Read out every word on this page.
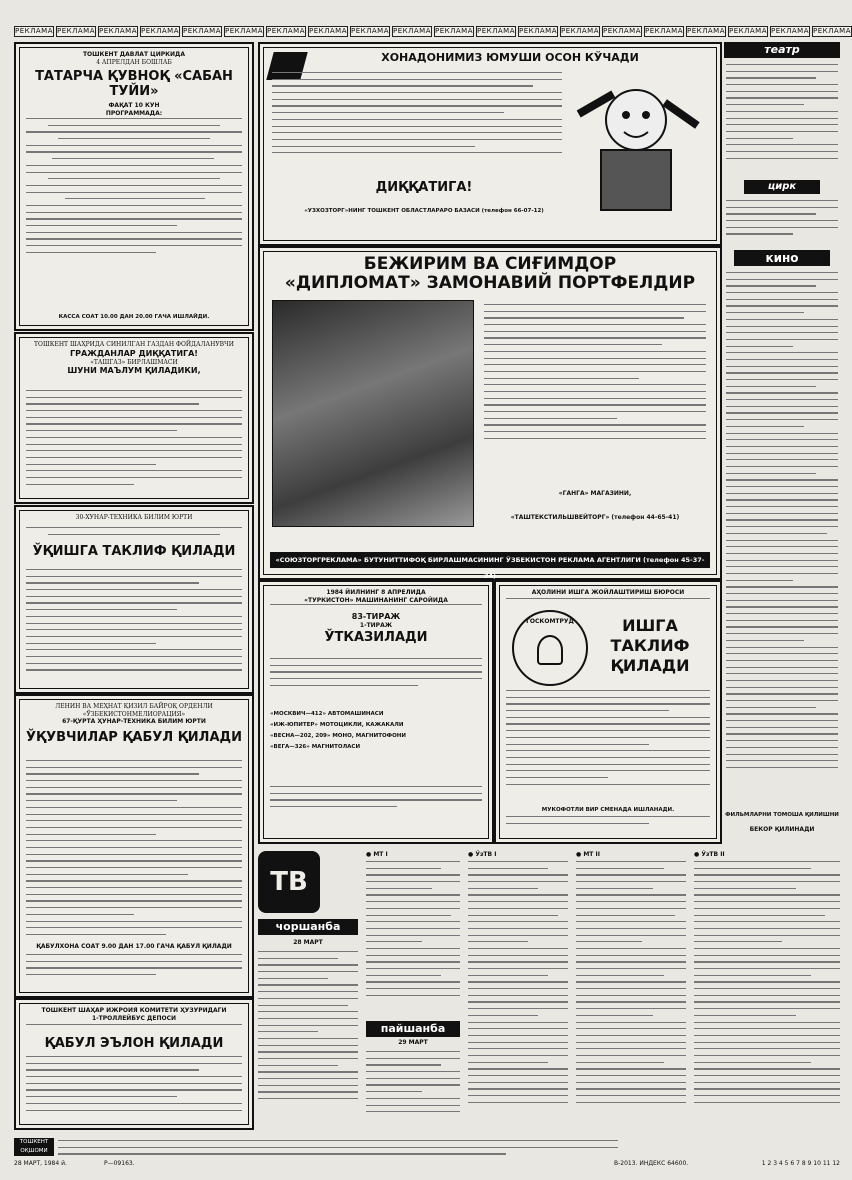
РЕКЛАМА РЕКЛАМА РЕКЛАМА РЕКЛАМА РЕКЛАМА РЕКЛАМА РЕКЛАМА РЕКЛАМА РЕКЛАМА РЕКЛАМА РЕКЛАМА РЕКЛАМА РЕКЛАМА РЕКЛАМА РЕКЛАМА РЕКЛАМА РЕКЛАМА РЕКЛАМА РЕКЛАМА РЕКЛАМА
ТОШКЕНТ ДАВЛАТ ЦИРКИДА
4 АПРЕЛДАН БОШЛАБ
ТАТАРЧА ҚУВНОҚ «САБАН ТУЙИ»
ФАҚАТ 10 КУН
ПРОГРАММАДА:
КАССА СОАТ 10.00 ДАН 20.00 ГАЧА ИШЛАЙДИ.
ТОШКЕНТ ШАҲРИДА СИНИЛГАН ГАЗДАН ФОЙДАЛАНУВЧИ
ГРАЖДАНЛАР ДИҚҚАТИГА!
«ТАШГАЗ» БИРЛАШМАСИ
ШУНИ МАЪЛУМ ҚИЛАДИКИ,
30-ХУНАР-ТЕХНИКА БИЛИМ ЮРТИ
ЎҚИШГА ТАКЛИФ ҚИЛАДИ
ЛЕНИН ВА МЕҲНАТ ҚИЗИЛ БАЙРОҚ ОРДЕНЛИ «ЎЗБЕКИСТОНМЕЛИОРАЦИЯ»
67-ҚУРТА ҲУНАР-ТЕХНИКА БИЛИМ ЮРТИ
ЎҚУВЧИЛАР ҚАБУЛ ҚИЛАДИ
ҚАБУЛХОНА СОАТ 9.00 ДАН 17.00 ГАЧА ҚАБУЛ ҚИЛАДИ
ТОШКЕНТ ШАҲАР ИЖРОИЯ КОМИТЕТИ ҲУЗУРИДАГИ
1-ТРОЛЛЕЙБУС ДЕПОСИ
ҚАБУЛ ЭЪЛОН ҚИЛАДИ
ХОНАДОНИМИЗ ЮМУШИ ОСОН КЎЧАДИ
ДИҚҚАТИГА!
«УЗХОЗТОРГ»НИНГ ТОШКЕНТ ОБЛАСТЛАРАРО БАЗАСИ (телефон 66-07-12)
БЕЖИРИМ ВА СИҒИМДОР
«ДИПЛОМАТ» ЗАМОНАВИЙ ПОРТФЕЛДИР
«ГАНГА» МАГАЗИНИ,
«ТАШТЕКСТИЛЬШВЕЙТОРГ» (телефон 44-65-41)
«СОЮЗТОРГРЕКЛАМА» БУТУНИТТИФОҚ БИРЛАШМАСИНИНГ ЎЗБЕКИСТОН РЕКЛАМА АГЕНТЛИГИ (телефон 45-37-24)
1984 ЙИЛНИНГ 8 АПРЕЛИДА
«ТУРКИСТОН» МАШИНАНИНГ САРОЙИДА
83-ТИРАЖ
1-ТИРАЖ
ЎТКАЗИЛАДИ
«МОСКВИЧ—412» АВТОМАШИНАСИ
«ИЖ-ЮПИТЕР» МОТОЦИКЛИ, КАЖАКАЛИ
«ВЕСНА—202, 209» МОНО, МАГНИТОФОНИ
«ВЕГА—326» МАГНИТОЛАСИ
АҲОЛИНИ ИШГА ЖОЙЛАШТИРИШ БЮРОСИ
ГОСКОМТРУД	ИШГА
ТАКЛИФ
ҚИЛАДИ
МУКОФОТЛИ ВИР СМЕНАДА ИШЛАНАДИ.
ТВ
чоршанба
28 МАРТ
● МТ I
пайшанба
29 МАРТ
● ЎзТВ I	● МТ II	● ЎзТВ II
театр
цирк
кино
ФИЛЬМЛАРНИ ТОМОША ҚИЛИШНИ
БЕКОР ҚИЛИНАДИ
ТОШКЕНТ ОҚШОМИ
28 МАРТ, 1984 й.	Р—09163.	В-2013. ИНДЕКС 64600.	1 2 3 4 5 6 7 8 9 10 11 12
